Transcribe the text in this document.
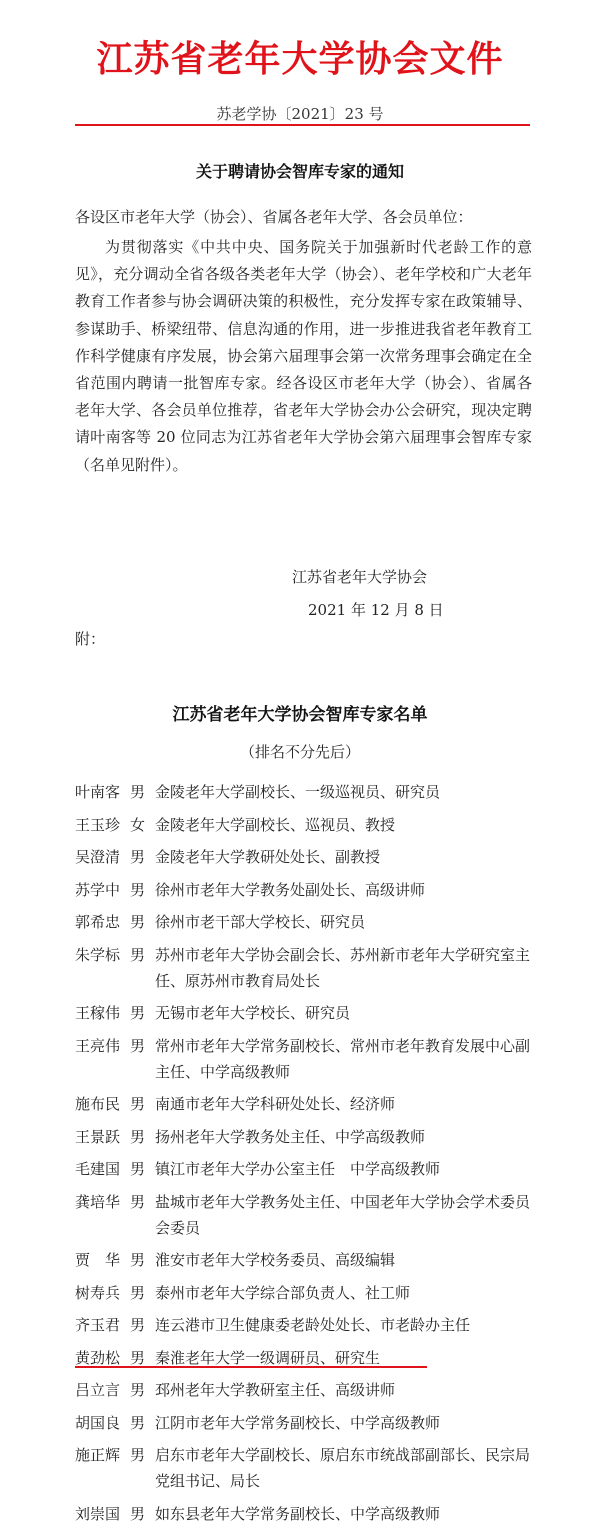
江苏省老年大学协会文件
苏老学协〔2021〕23 号
关于聘请协会智库专家的通知
各设区市老年大学（协会）、省属各老年大学、各会员单位：

为贯彻落实《中共中央、国务院关于加强新时代老龄工作的意见》，充分调动全省各级各类老年大学（协会）、老年学校和广大老年教育工作者参与协会调研决策的积极性，充分发挥专家在政策辅导、参谋助手、桥梁纽带、信息沟通的作用，进一步推进我省老年教育工作科学健康有序发展，协会第六届理事会第一次常务理事会确定在全省范围内聘请一批智库专家。经各设区市老年大学（协会）、省属各老年大学、各会员单位推荐，省老年大学协会办公会研究，现决定聘请叶南客等 20 位同志为江苏省老年大学协会第六届理事会智库专家（名单见附件）。

江苏省老年大学协会
2021 年 12 月 8 日
附：
江苏省老年大学协会智库专家名单
（排名不分先后）
叶南客 男 金陵老年大学副校长、一级巡视员、研究员
王玉珍 女 金陵老年大学副校长、巡视员、教授
吴澄清 男 金陵老年大学教研处处长、副教授
苏学中 男 徐州市老年大学教务处副处长、高级讲师
郭希忠 男 徐州市老干部大学校长、研究员
朱学标 男 苏州市老年大学协会副会长、苏州新市老年大学研究室主任、原苏州市教育局处长
王稼伟 男 无锡市老年大学校长、研究员
王亮伟 男 常州市老年大学常务副校长、常州市老年教育发展中心副主任、中学高级教师
施布民 男 南通市老年大学科研处处长、经济师
王景跃 男 扬州老年大学教务处主任、中学高级教师
毛建国 男 镇江市老年大学办公室主任　中学高级教师
龚培华 男 盐城市老年大学教务处主任、中国老年大学协会学术委员会委员
贾　华 男 淮安市老年大学校务委员、高级编辑
树寿兵 男 泰州市老年大学综合部负责人、社工师
齐玉君 男 连云港市卫生健康委老龄处处长、市老龄办主任
黄劲松 男 秦淮老年大学一级调研员、研究生
吕立言 男 邳州老年大学教研室主任、高级讲师
胡国良 男 江阴市老年大学常务副校长、中学高级教师
施正辉 男 启东市老年大学副校长、原启东市统战部副部长、民宗局党组书记、局长
刘崇国 男 如东县老年大学常务副校长、中学高级教师
